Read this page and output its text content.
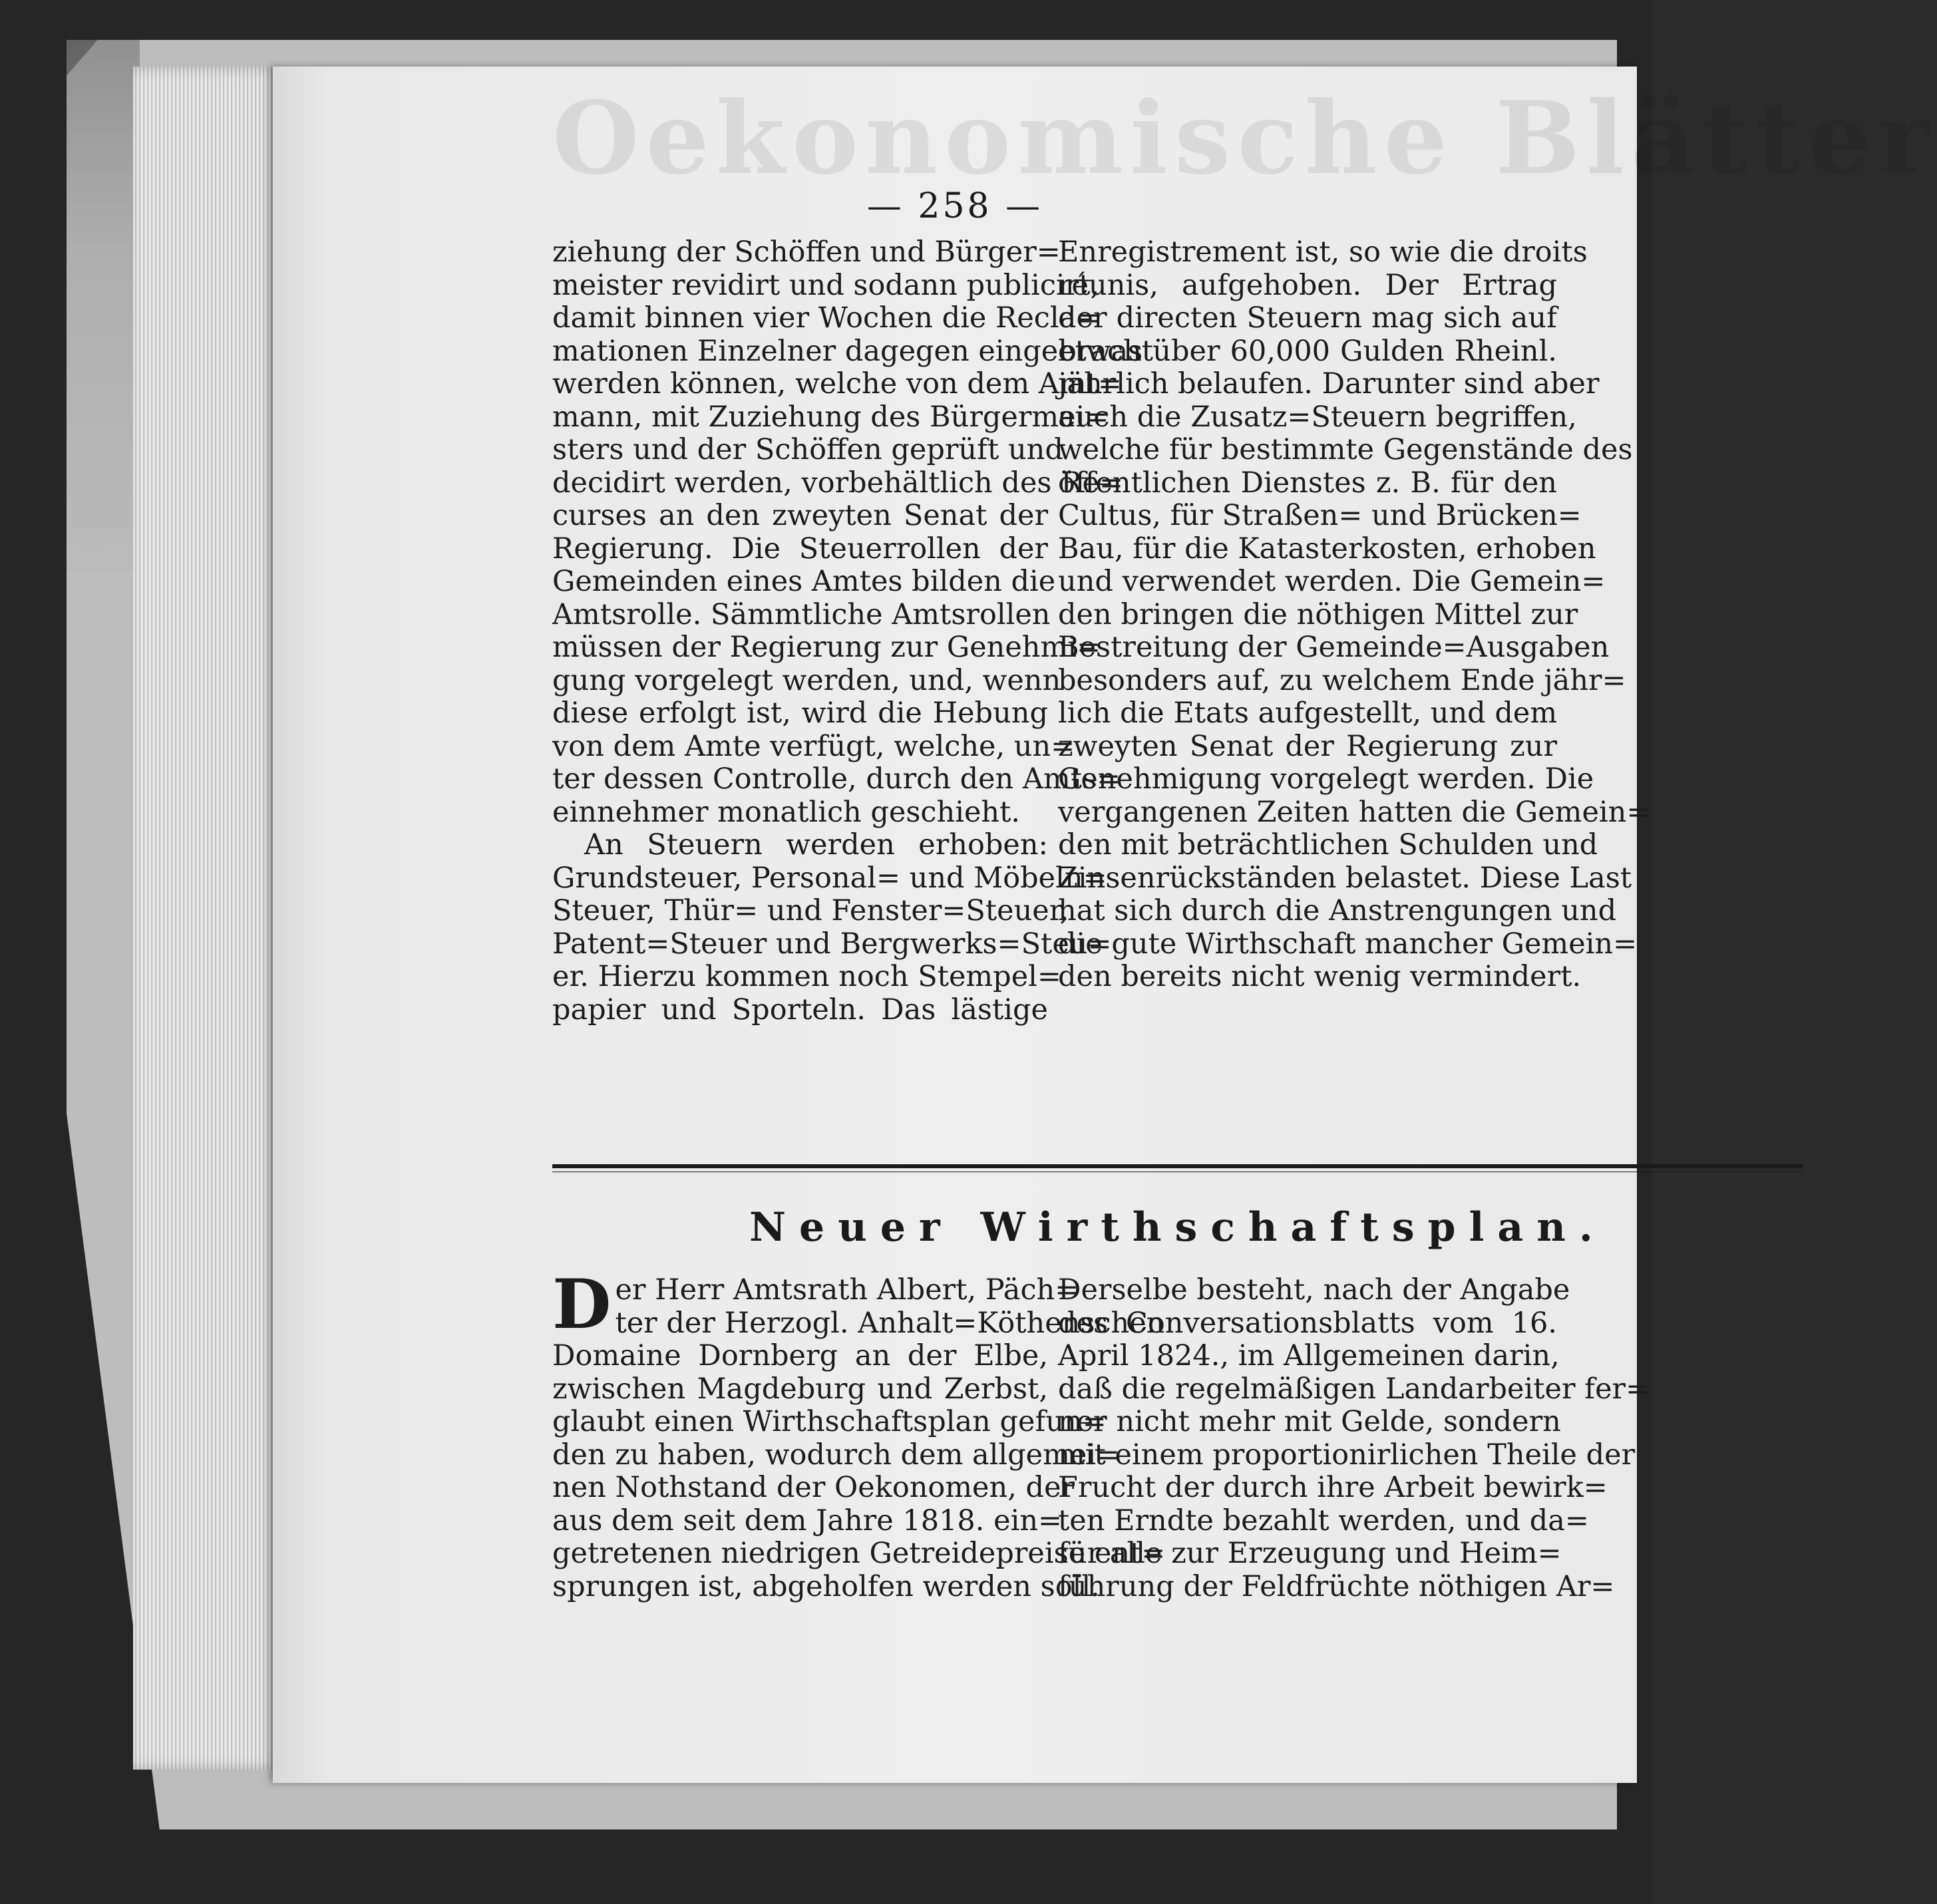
Oekonomische Blätter
— 258 —
ziehung der Schöffen und Bürger=
meister revidirt und sodann publicirt,
damit binnen vier Wochen die Recla=
mationen Einzelner dagegen eingebracht
werden können, welche von dem Amt=
mann, mit Zuziehung des Bürgermei=
sters und der Schöffen geprüft und
decidirt werden, vorbehältlich des Re=
curses an den zweyten Senat der
Regierung. Die Steuerrollen der
Gemeinden eines Amtes bilden die
Amtsrolle. Sämmtliche Amtsrollen
müssen der Regierung zur Genehmi=
gung vorgelegt werden, und, wenn
diese erfolgt ist, wird die Hebung
von dem Amte verfügt, welche, un=
ter dessen Controlle, durch den Amts=
einnehmer monatlich geschieht.
An Steuern werden erhoben:
Grundsteuer, Personal= und Möbeln=
Steuer, Thür= und Fenster=Steuer,
Patent=Steuer und Bergwerks=Steu=
er. Hierzu kommen noch Stempel=
papier und Sporteln. Das lästige
Enregistrement ist, so wie die droits
réunis, aufgehoben. Der Ertrag
der directen Steuern mag sich auf
etwas über 60,000 Gulden Rheinl.
jährlich belaufen. Darunter sind aber
auch die Zusatz=Steuern begriffen,
welche für bestimmte Gegenstände des
öffentlichen Dienstes z. B. für den
Cultus, für Straßen= und Brücken=
Bau, für die Katasterkosten, erhoben
und verwendet werden. Die Gemein=
den bringen die nöthigen Mittel zur
Bestreitung der Gemeinde=Ausgaben
besonders auf, zu welchem Ende jähr=
lich die Etats aufgestellt, und dem
zweyten Senat der Regierung zur
Genehmigung vorgelegt werden. Die
vergangenen Zeiten hatten die Gemein=
den mit beträchtlichen Schulden und
Zinsenrückständen belastet. Diese Last
hat sich durch die Anstrengungen und
die gute Wirthschaft mancher Gemein=
den bereits nicht wenig vermindert.
Neuer Wirthschaftsplan.
D er Herr Amtsrath Albert, Päch=
ter der Herzogl. Anhalt=Köthenschen
Domaine Dornberg an der Elbe,
zwischen Magdeburg und Zerbst,
glaubt einen Wirthschaftsplan gefun=
den zu haben, wodurch dem allgemei=
nen Nothstand der Oekonomen, der
aus dem seit dem Jahre 1818. ein=
getretenen niedrigen Getreidepreise ent=
sprungen ist, abgeholfen werden soll.
Derselbe besteht, nach der Angabe
des Conversationsblatts vom 16.
April 1824., im Allgemeinen darin,
daß die regelmäßigen Landarbeiter fer=
ner nicht mehr mit Gelde, sondern
mit einem proportionirlichen Theile der
Frucht der durch ihre Arbeit bewirk=
ten Erndte bezahlt werden, und da=
für alle zur Erzeugung und Heim=
führung der Feldfrüchte nöthigen Ar=
